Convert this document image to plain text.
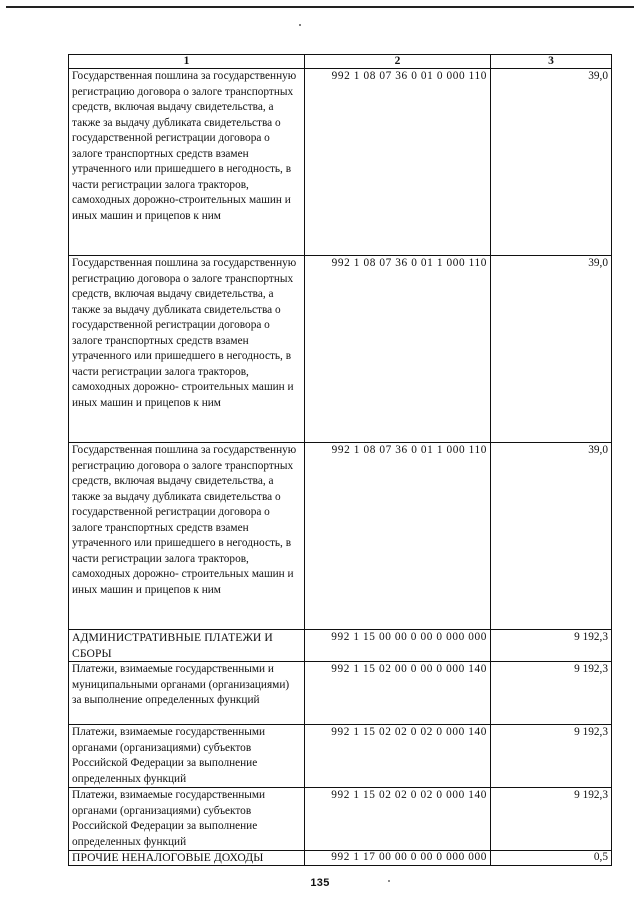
1	2	3
Государственная пошлина за государственную регистрацию договора о залоге транспортных средств, включая выдачу свидетельства, а также за выдачу дубликата свидетельства о государственной регистрации договора о залоге транспортных средств взамен утраченного или пришедшего в негодность, в части регистрации залога тракторов, самоходных дорожно-строительных машин и иных машин и прицепов к ним	992 1 08 07 36 0 01 0 000 110	39,0
Государственная пошлина за государственную регистрацию договора о залоге транспортных средств, включая выдачу свидетельства, а также за выдачу дубликата свидетельства о государственной регистрации договора о залоге транспортных средств взамен утраченного или пришедшего в негодность, в части регистрации залога тракторов, самоходных дорожно- строительных машин и иных машин и прицепов к ним	992 1 08 07 36 0 01 1 000 110	39,0
Государственная пошлина за государственную регистрацию договора о залоге транспортных средств, включая выдачу свидетельства, а также за выдачу дубликата свидетельства о государственной регистрации договора о залоге транспортных средств взамен утраченного или пришедшего в негодность, в части регистрации залога тракторов, самоходных дорожно- строительных машин и иных машин и прицепов к ним	992 1 08 07 36 0 01 1 000 110	39,0
АДМИНИСТРАТИВНЫЕ ПЛАТЕЖИ И СБОРЫ	992 1 15 00 00 0 00 0 000 000	9 192,3
Платежи, взимаемые государственными и муниципальными органами (организациями) за выполнение определенных функций	992 1 15 02 00 0 00 0 000 140	9 192,3
Платежи, взимаемые государственными органами (организациями) субъектов Российской Федерации за выполнение определенных функций	992 1 15 02 02 0 02 0 000 140	9 192,3
Платежи, взимаемые государственными органами (организациями) субъектов Российской Федерации за выполнение определенных функций	992 1 15 02 02 0 02 0 000 140	9 192,3
ПРОЧИЕ НЕНАЛОГОВЫЕ ДОХОДЫ	992 1 17 00 00 0 00 0 000 000	0,5
135
